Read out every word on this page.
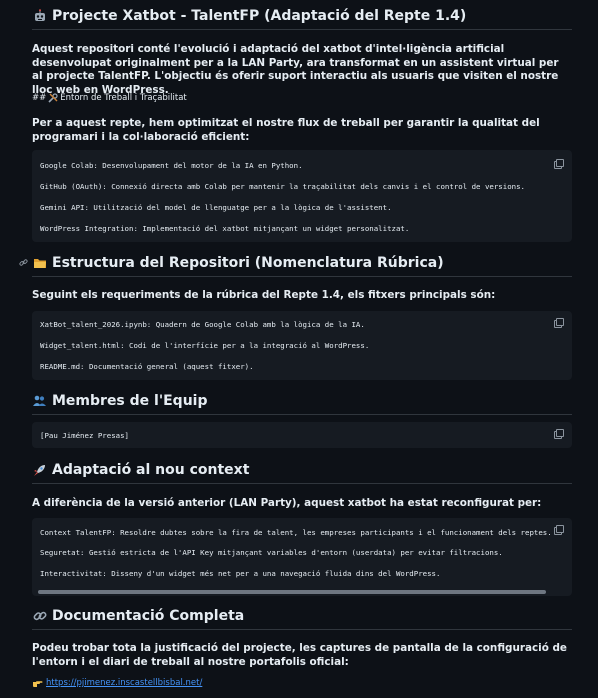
Projecte Xatbot - TalentFP (Adaptació del Repte 1.4)
Aquest repositori conté l'evolució i adaptació del xatbot d'intel·ligència artificial desenvolupat originalment per a la LAN Party, ara transformat en un assistent virtual per al projecte TalentFP. L'objectiu és oferir suport interactiu als usuaris que visiten el nostre lloc web en WordPress.
## Entorn de Treball i Traçabilitat
Per a aquest repte, hem optimitzat el nostre flux de treball per garantir la qualitat del programari i la col·laboració eficient:
Google Colab: Desenvolupament del motor de la IA en Python.
GitHub (OAuth): Connexió directa amb Colab per mantenir la traçabilitat dels canvis i el control de versions.
Gemini API: Utilització del model de llenguatge per a la lògica de l'assistent.
WordPress Integration: Implementació del xatbot mitjançant un widget personalitzat.
Estructura del Repositori (Nomenclatura Rúbrica)
Seguint els requeriments de la rúbrica del Repte 1.4, els fitxers principals són:
XatBot_talent_2026.ipynb: Quadern de Google Colab amb la lògica de la IA.
Widget_talent.html: Codi de l'interfície per a la integració al WordPress.
README.md: Documentació general (aquest fitxer).
Membres de l'Equip
[Pau Jiménez Presas]
Adaptació al nou context
A diferència de la versió anterior (LAN Party), aquest xatbot ha estat reconfigurat per:
Context TalentFP: Resoldre dubtes sobre la fira de talent, les empreses participants i el funcionament dels reptes.
Seguretat: Gestió estricta de l'API Key mitjançant variables d'entorn (userdata) per evitar filtracions.
Interactivitat: Disseny d'un widget més net per a una navegació fluida dins del WordPress.
Documentació Completa
Podeu trobar tota la justificació del projecte, les captures de pantalla de la configuració de l'entorn i el diari de treball al nostre portafolis oficial:
https://pjimenez.inscastellbisbal.net/
